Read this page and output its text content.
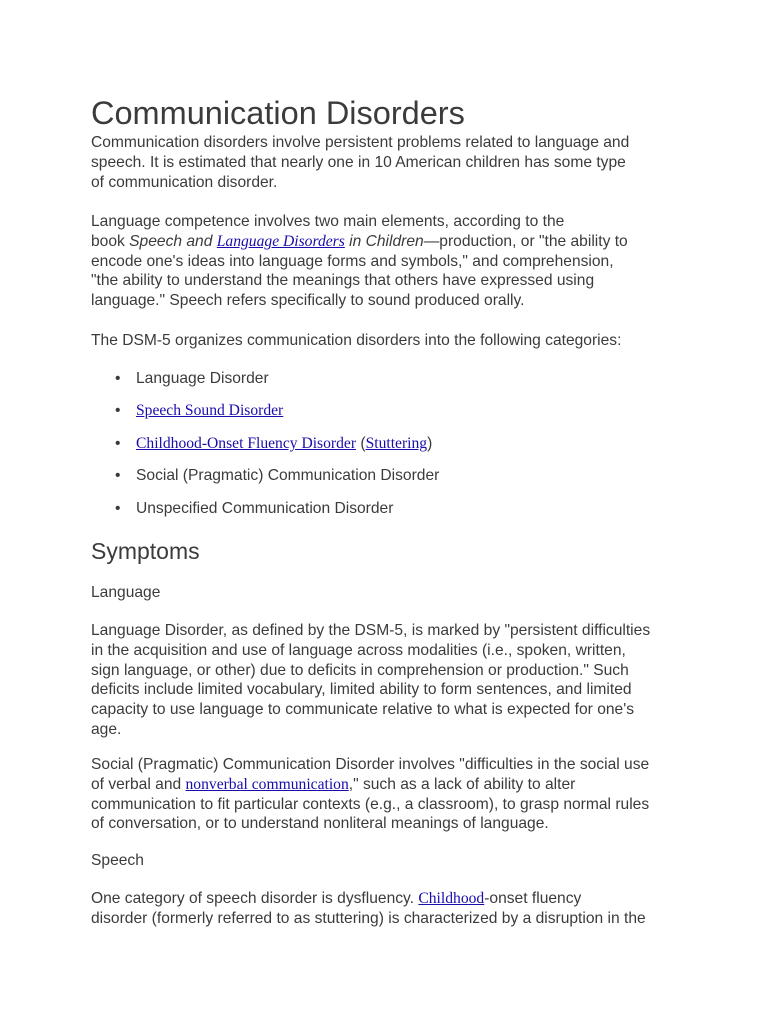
Communication Disorders

Communication disorders involve persistent problems related to language and
speech. It is estimated that nearly one in 10 American children has some type
of communication disorder.

Language competence involves two main elements, according to the
book Speech and Language Disorders in Children—production, or "the ability to
encode one's ideas into language forms and symbols," and comprehension,
"the ability to understand the meanings that others have expressed using
language." Speech refers specifically to sound produced orally.

The DSM-5 organizes communication disorders into the following categories:

• Language Disorder
• Speech Sound Disorder
• Childhood-Onset Fluency Disorder (Stuttering)
• Social (Pragmatic) Communication Disorder
• Unspecified Communication Disorder
Symptoms

Language

Language Disorder, as defined by the DSM-5, is marked by "persistent difficulties
in the acquisition and use of language across modalities (i.e., spoken, written,
sign language, or other) due to deficits in comprehension or production." Such
deficits include limited vocabulary, limited ability to form sentences, and limited
capacity to use language to communicate relative to what is expected for one's
age.

Social (Pragmatic) Communication Disorder involves "difficulties in the social use
of verbal and nonverbal communication," such as a lack of ability to alter
communication to fit particular contexts (e.g., a classroom), to grasp normal rules
of conversation, or to understand nonliteral meanings of language.

Speech

One category of speech disorder is dysfluency. Childhood-onset fluency
disorder (formerly referred to as stuttering) is characterized by a disruption in the
